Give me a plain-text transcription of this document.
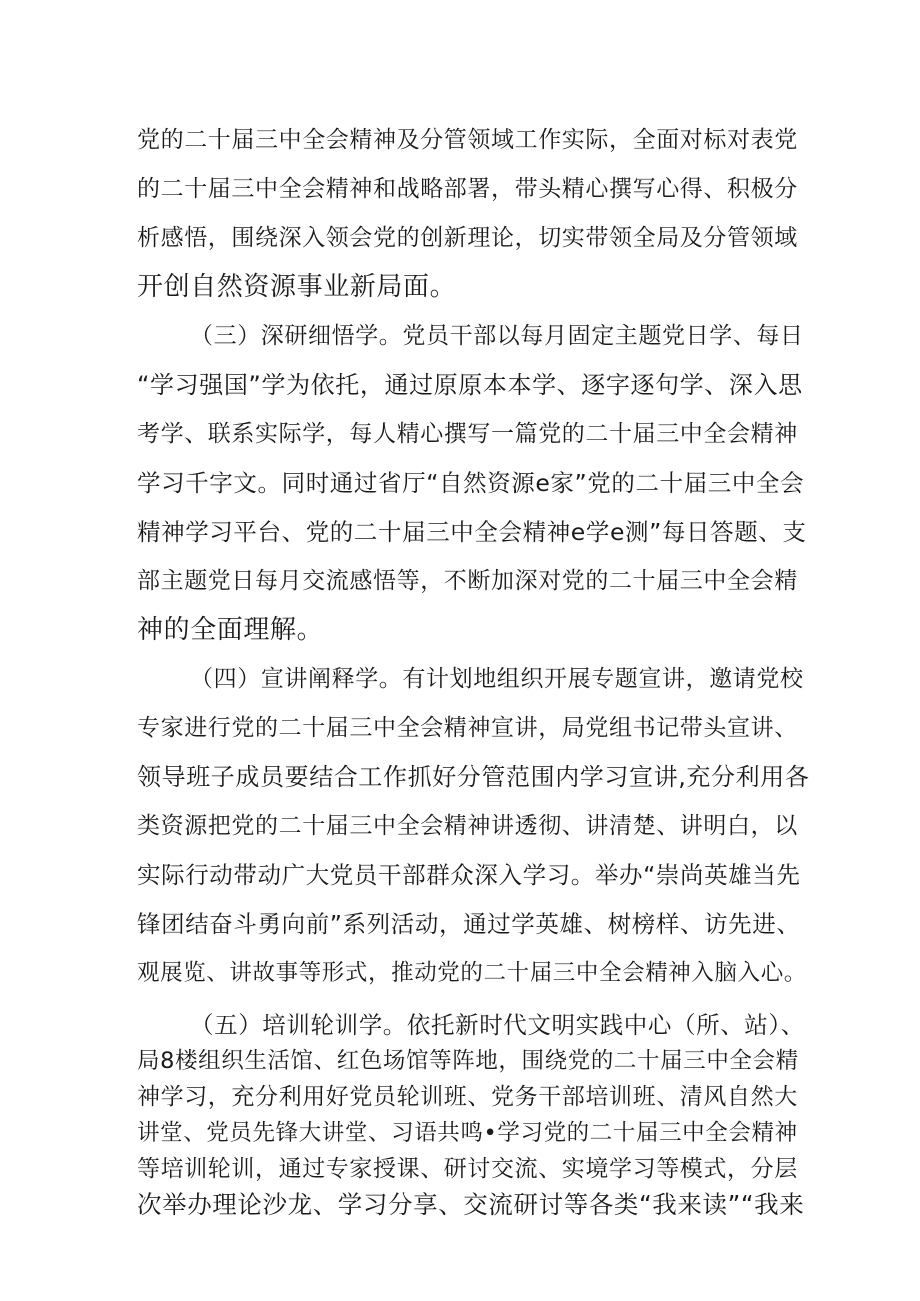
党的二十届三中全会精神及分管领域工作实际，全面对标对表党
的二十届三中全会精神和战略部署，带头精心撰写心得、积极分
析感悟，围绕深入领会党的创新理论，切实带领全局及分管领域
开创自然资源事业新局面。
（三）深研细悟学。党员干部以每月固定主题党日学、每日
“学习强国”学为依托，通过原原本本学、逐字逐句学、深入思
考学、联系实际学，每人精心撰写一篇党的二十届三中全会精神
学习千字文。同时通过省厅“自然资源e家”党的二十届三中全会
精神学习平台、党的二十届三中全会精神e学e测”每日答题、支
部主题党日每月交流感悟等，不断加深对党的二十届三中全会精
神的全面理解。
（四）宣讲阐释学。有计划地组织开展专题宣讲，邀请党校
专家进行党的二十届三中全会精神宣讲，局党组书记带头宣讲、
领导班子成员要结合工作抓好分管范围内学习宣讲,充分利用各
类资源把党的二十届三中全会精神讲透彻、讲清楚、讲明白，以
实际行动带动广大党员干部群众深入学习。举办“崇尚英雄当先
锋团结奋斗勇向前”系列活动，通过学英雄、树榜样、访先进、
观展览、讲故事等形式，推动党的二十届三中全会精神入脑入心。
（五）培训轮训学。依托新时代文明实践中心（所、站）、
局8楼组织生活馆、红色场馆等阵地，围绕党的二十届三中全会精
神学习，充分利用好党员轮训班、党务干部培训班、清风自然大
讲堂、党员先锋大讲堂、习语共鸣•学习党的二十届三中全会精神
等培训轮训，通过专家授课、研讨交流、实境学习等模式，分层
次举办理论沙龙、学习分享、交流研讨等各类“我来读”“我来
